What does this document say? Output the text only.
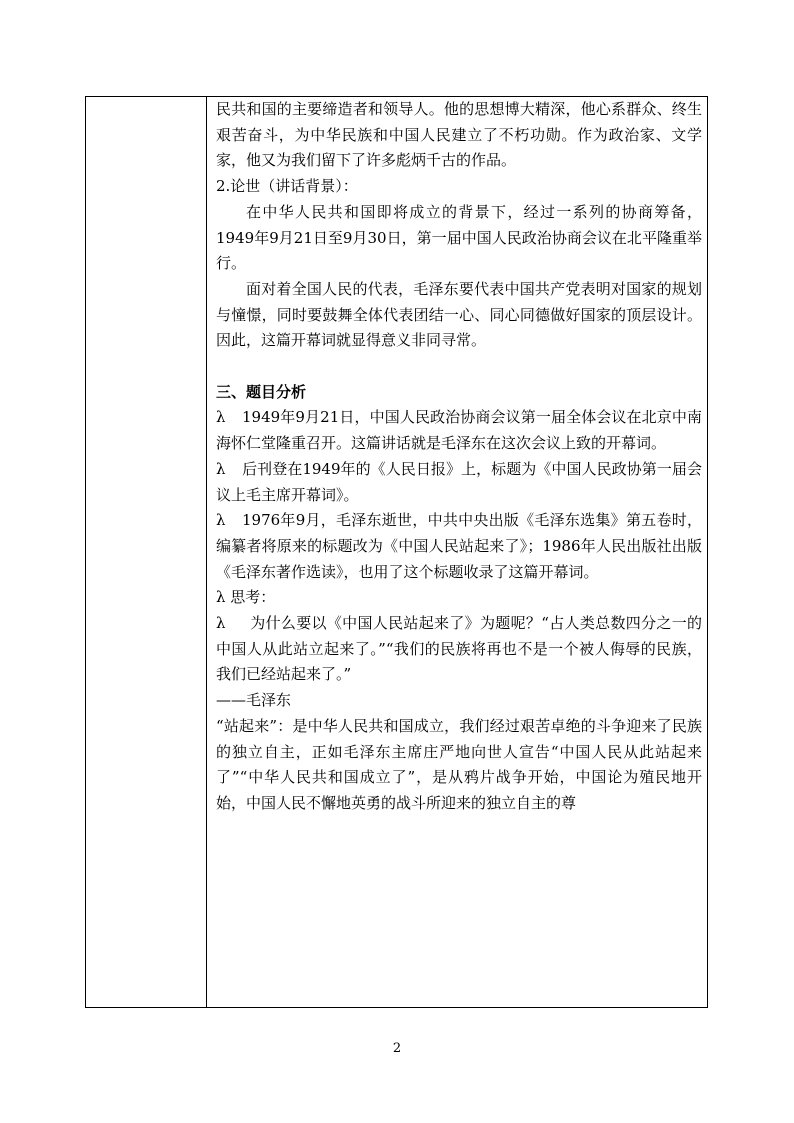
民共和国的主要缔造者和领导人。他的思想博大精深，他心系群众、终生艰苦奋斗，为中华民族和中国人民建立了不朽功勋。作为政治家、文学家，他又为我们留下了许多彪炳千古的作品。

2.论世（讲话背景）：

在中华人民共和国即将成立的背景下，经过一系列的协商筹备，1949年9月21日至9月30日，第一届中国人民政治协商会议在北平隆重举行。

面对着全国人民的代表，毛泽东要代表中国共产党表明对国家的规划与憧憬，同时要鼓舞全体代表团结一心、同心同德做好国家的顶层设计。因此，这篇开幕词就显得意义非同寻常。

三、题目分析

λ 1949年9月21日，中国人民政治协商会议第一届全体会议在北京中南海怀仁堂隆重召开。这篇讲话就是毛泽东在这次会议上致的开幕词。

λ 后刊登在1949年的《人民日报》上，标题为《中国人民政协第一届会议上毛主席开幕词》。

λ 1976年9月，毛泽东逝世，中共中央出版《毛泽东选集》第五卷时，编纂者将原来的标题改为《中国人民站起来了》；1986年人民出版社出版《毛泽东著作选读》，也用了这个标题收录了这篇开幕词。

λ 思考：

λ 为什么要以《中国人民站起来了》为题呢？“占人类总数四分之一的中国人从此站立起来了。”“我们的民族将再也不是一个被人侮辱的民族，我们已经站起来了。”

——毛泽东

“站起来”：是中华人民共和国成立，我们经过艰苦卓绝的斗争迎来了民族的独立自主，正如毛泽东主席庄严地向世人宣告“中国人民从此站起来了”“中华人民共和国成立了”，是从鸦片战争开始，中国论为殖民地开始，中国人民不懈地英勇的战斗所迎来的独立自主的尊

2
